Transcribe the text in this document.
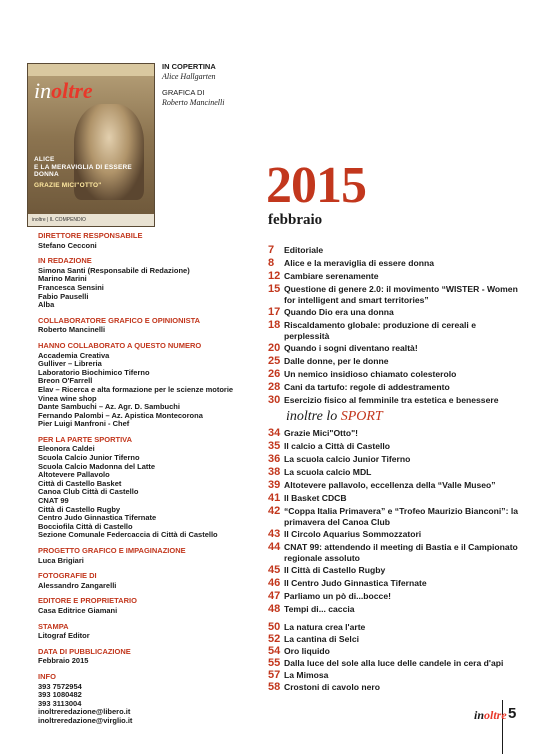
inoltre
ALICE
E LA MERAVIGLIA DI ESSERE DONNA
GRAZIE MICI"OTTO"
inoltre | IL COMPENDIO
IN COPERTINA
Alice Hallgarten
GRAFICA DI
Roberto Mancinelli
2015
febbraio
DIRETTORE RESPONSABILE
Stefano Cecconi
IN REDAZIONE
Simona Santi (Responsabile di Redazione)
Marino Marini
Francesca Sensini
Fabio Pauselli
Alba
COLLABORATORE GRAFICO E OPINIONISTA
Roberto Mancinelli
HANNO COLLABORATO A QUESTO NUMERO
Accademia Creativa
Gulliver – Libreria
Laboratorio Biochimico Tiferno
Breon O'Farrell
Elav – Ricerca e alta formazione per le scienze motorie
Vinea wine shop
Dante Sambuchi – Az. Agr. D. Sambuchi
Fernando Palombi – Az. Apistica Montecorona
Pier Luigi Manfroni - Chef
PER LA PARTE SPORTIVA
Eleonora Caldei
Scuola Calcio Junior Tiferno
Scuola Calcio Madonna del Latte
Altotevere Pallavolo
Città di Castello Basket
Canoa Club Città di Castello
CNAT 99
Città di Castello Rugby
Centro Judo Ginnastica Tifernate
Bocciofila Città di Castello
Sezione Comunale Federcaccia di Città di Castello
PROGETTO GRAFICO E IMPAGINAZIONE
Luca Brigiari
FOTOGRAFIE DI
Alessandro Zangarelli
EDITORE E PROPRIETARIO
Casa Editrice Giamani
STAMPA
Litograf Editor
DATA DI PUBBLICAZIONE
Febbraio 2015
INFO
393 7572954
393 1080482
393 3113004
inoltreredazione@libero.it
inoltreredazione@virglio.it
7	Editoriale
8	Alice e la meraviglia di essere donna
12 Cambiare serenamente
15 Questione di genere 2.0: il movimento “WISTER - Women for intelligent and smart territories”
17 Quando Dio era una donna
18 Riscaldamento globale: produzione di cereali e perplessità
20 Quando i sogni diventano realtà!
25 Dalle donne, per le donne
26 Un nemico insidioso chiamato colesterolo
28 Cani da tartufo: regole di addestramento
30 Esercizio fisico al femminile tra estetica e benessere
inoltre lo SPORT
34 Grazie Mici"Otto"!
35 Il calcio a Città di Castello
36 La scuola calcio Junior Tiferno
38 La scuola calcio MDL
39 Altotevere pallavolo, eccellenza della “Valle Museo”
41 Il Basket CDCB
42 “Coppa Italia Primavera” e “Trofeo Maurizio Bianconi”: la primavera del Canoa Club
43 Il Circolo Aquarius Sommozzatori
44 CNAT 99: attendendo il meeting di Bastia e il Campionato regionale assoluto
45 Il Città di Castello Rugby
46 Il Centro Judo Ginnastica Tifernate
47 Parliamo un pò di...bocce!
48 Tempi di... caccia
50 La natura crea l'arte
52 La cantina di Selci
54 Oro liquido
55 Dalla luce del sole alla luce delle candele in cera d'api
57 La Mimosa
58 Crostoni di cavolo nero
inoltre 5
